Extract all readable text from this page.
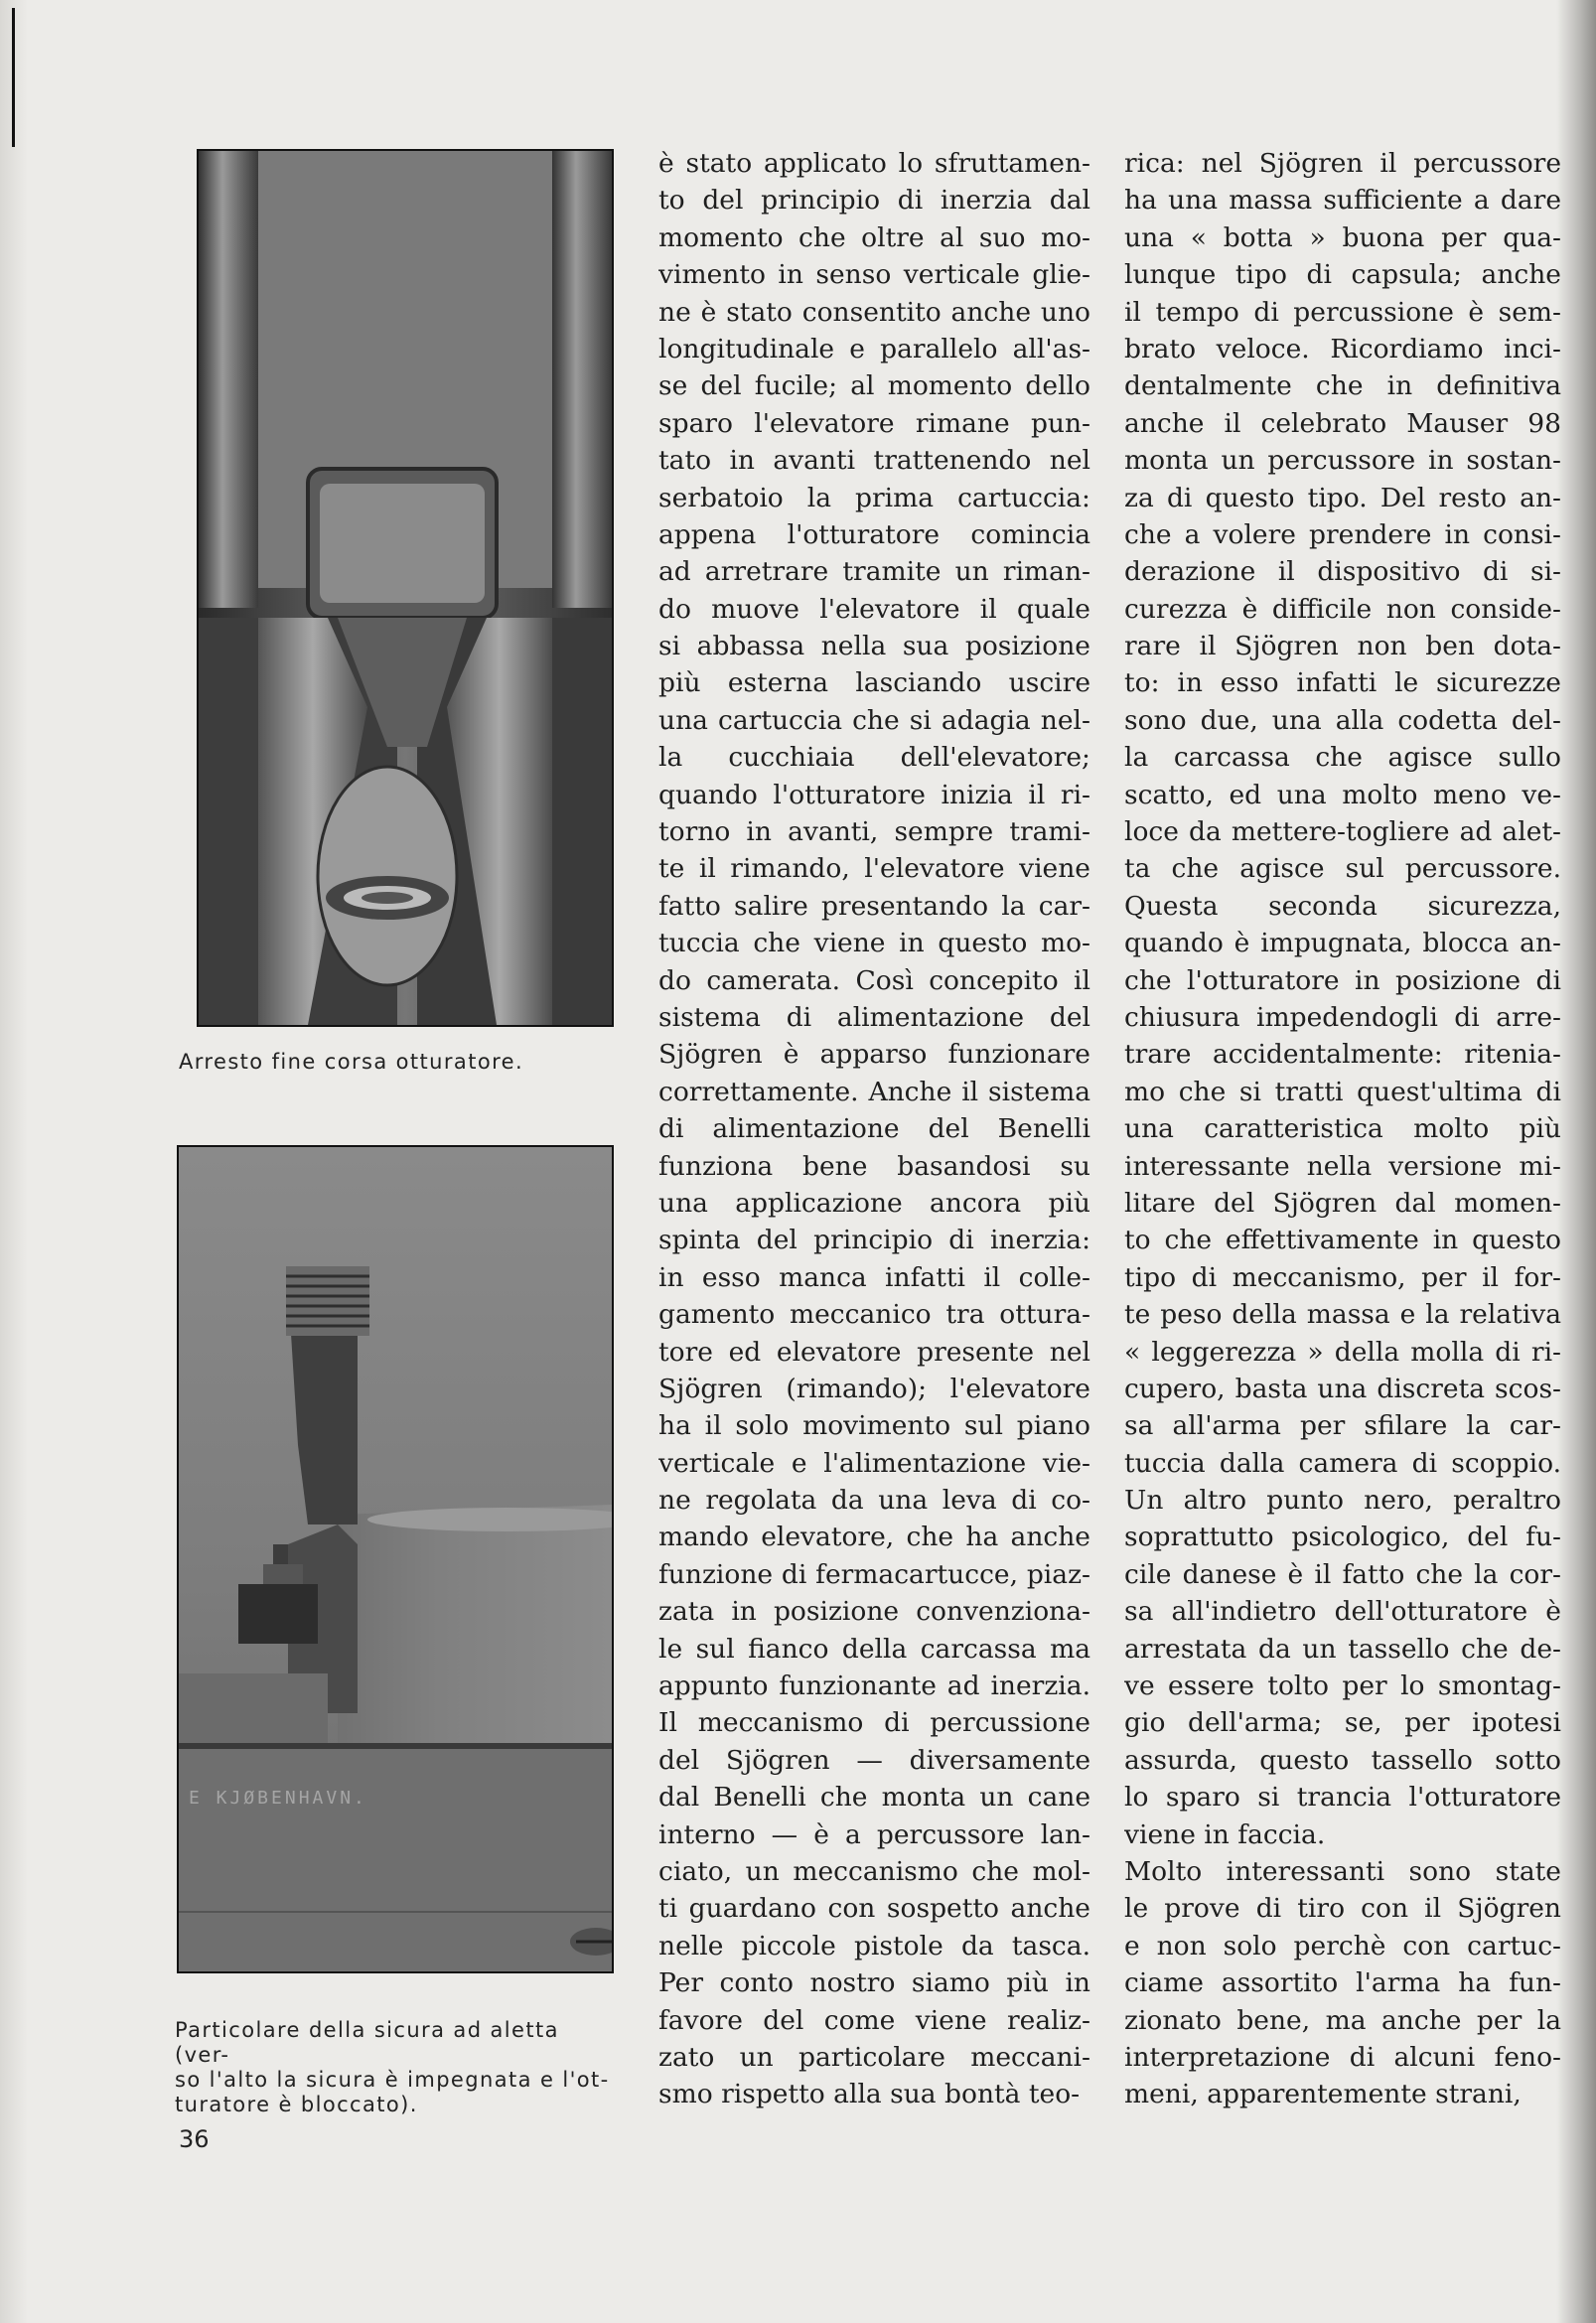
Arresto fine corsa otturatore.
E KJØBENHAVN.
Particolare della sicura ad aletta (ver-
so l'alto la sicura è impegnata e l'ot-
turatore è bloccato).
è stato applicato lo sfruttamen-
to del principio di inerzia dal
momento che oltre al suo mo-
vimento in senso verticale glie-
ne è stato consentito anche uno
longitudinale e parallelo all'as-
se del fucile; al momento dello
sparo l'elevatore rimane pun-
tato in avanti trattenendo nel
serbatoio la prima cartuccia:
appena l'otturatore comincia
ad arretrare tramite un riman-
do muove l'elevatore il quale
si abbassa nella sua posizione
più esterna lasciando uscire
una cartuccia che si adagia nel-
la cucchiaia dell'elevatore;
quando l'otturatore inizia il ri-
torno in avanti, sempre trami-
te il rimando, l'elevatore viene
fatto salire presentando la car-
tuccia che viene in questo mo-
do camerata. Così concepito il
sistema di alimentazione del
Sjögren è apparso funzionare
correttamente. Anche il sistema
di alimentazione del Benelli
funziona bene basandosi su
una applicazione ancora più
spinta del principio di inerzia:
in esso manca infatti il colle-
gamento meccanico tra ottura-
tore ed elevatore presente nel
Sjögren (rimando); l'elevatore
ha il solo movimento sul piano
verticale e l'alimentazione vie-
ne regolata da una leva di co-
mando elevatore, che ha anche
funzione di fermacartucce, piaz-
zata in posizione convenziona-
le sul fianco della carcassa ma
appunto funzionante ad inerzia.
Il meccanismo di percussione
del Sjögren — diversamente
dal Benelli che monta un cane
interno — è a percussore lan-
ciato, un meccanismo che mol-
ti guardano con sospetto anche
nelle piccole pistole da tasca.
Per conto nostro siamo più in
favore del come viene realiz-
zato un particolare meccani-
smo rispetto alla sua bontà teo-
rica: nel Sjögren il percussore
ha una massa sufficiente a dare
una « botta » buona per qua-
lunque tipo di capsula; anche
il tempo di percussione è sem-
brato veloce. Ricordiamo inci-
dentalmente che in definitiva
anche il celebrato Mauser 98
monta un percussore in sostan-
za di questo tipo. Del resto an-
che a volere prendere in consi-
derazione il dispositivo di si-
curezza è difficile non conside-
rare il Sjögren non ben dota-
to: in esso infatti le sicurezze
sono due, una alla codetta del-
la carcassa che agisce sullo
scatto, ed una molto meno ve-
loce da mettere-togliere ad alet-
ta che agisce sul percussore.
Questa seconda sicurezza,
quando è impugnata, blocca an-
che l'otturatore in posizione di
chiusura impedendogli di arre-
trare accidentalmente: ritenia-
mo che si tratti quest'ultima di
una caratteristica molto più
interessante nella versione mi-
litare del Sjögren dal momen-
to che effettivamente in questo
tipo di meccanismo, per il for-
te peso della massa e la relativa
« leggerezza » della molla di ri-
cupero, basta una discreta scos-
sa all'arma per sfilare la car-
tuccia dalla camera di scoppio.
Un altro punto nero, peraltro
soprattutto psicologico, del fu-
cile danese è il fatto che la cor-
sa all'indietro dell'otturatore è
arrestata da un tassello che de-
ve essere tolto per lo smontag-
gio dell'arma; se, per ipotesi
assurda, questo tassello sotto
lo sparo si trancia l'otturatore
viene in faccia.
Molto interessanti sono state
le prove di tiro con il Sjögren
e non solo perchè con cartuc-
ciame assortito l'arma ha fun-
zionato bene, ma anche per la
interpretazione di alcuni feno-
meni, apparentemente strani,
36
